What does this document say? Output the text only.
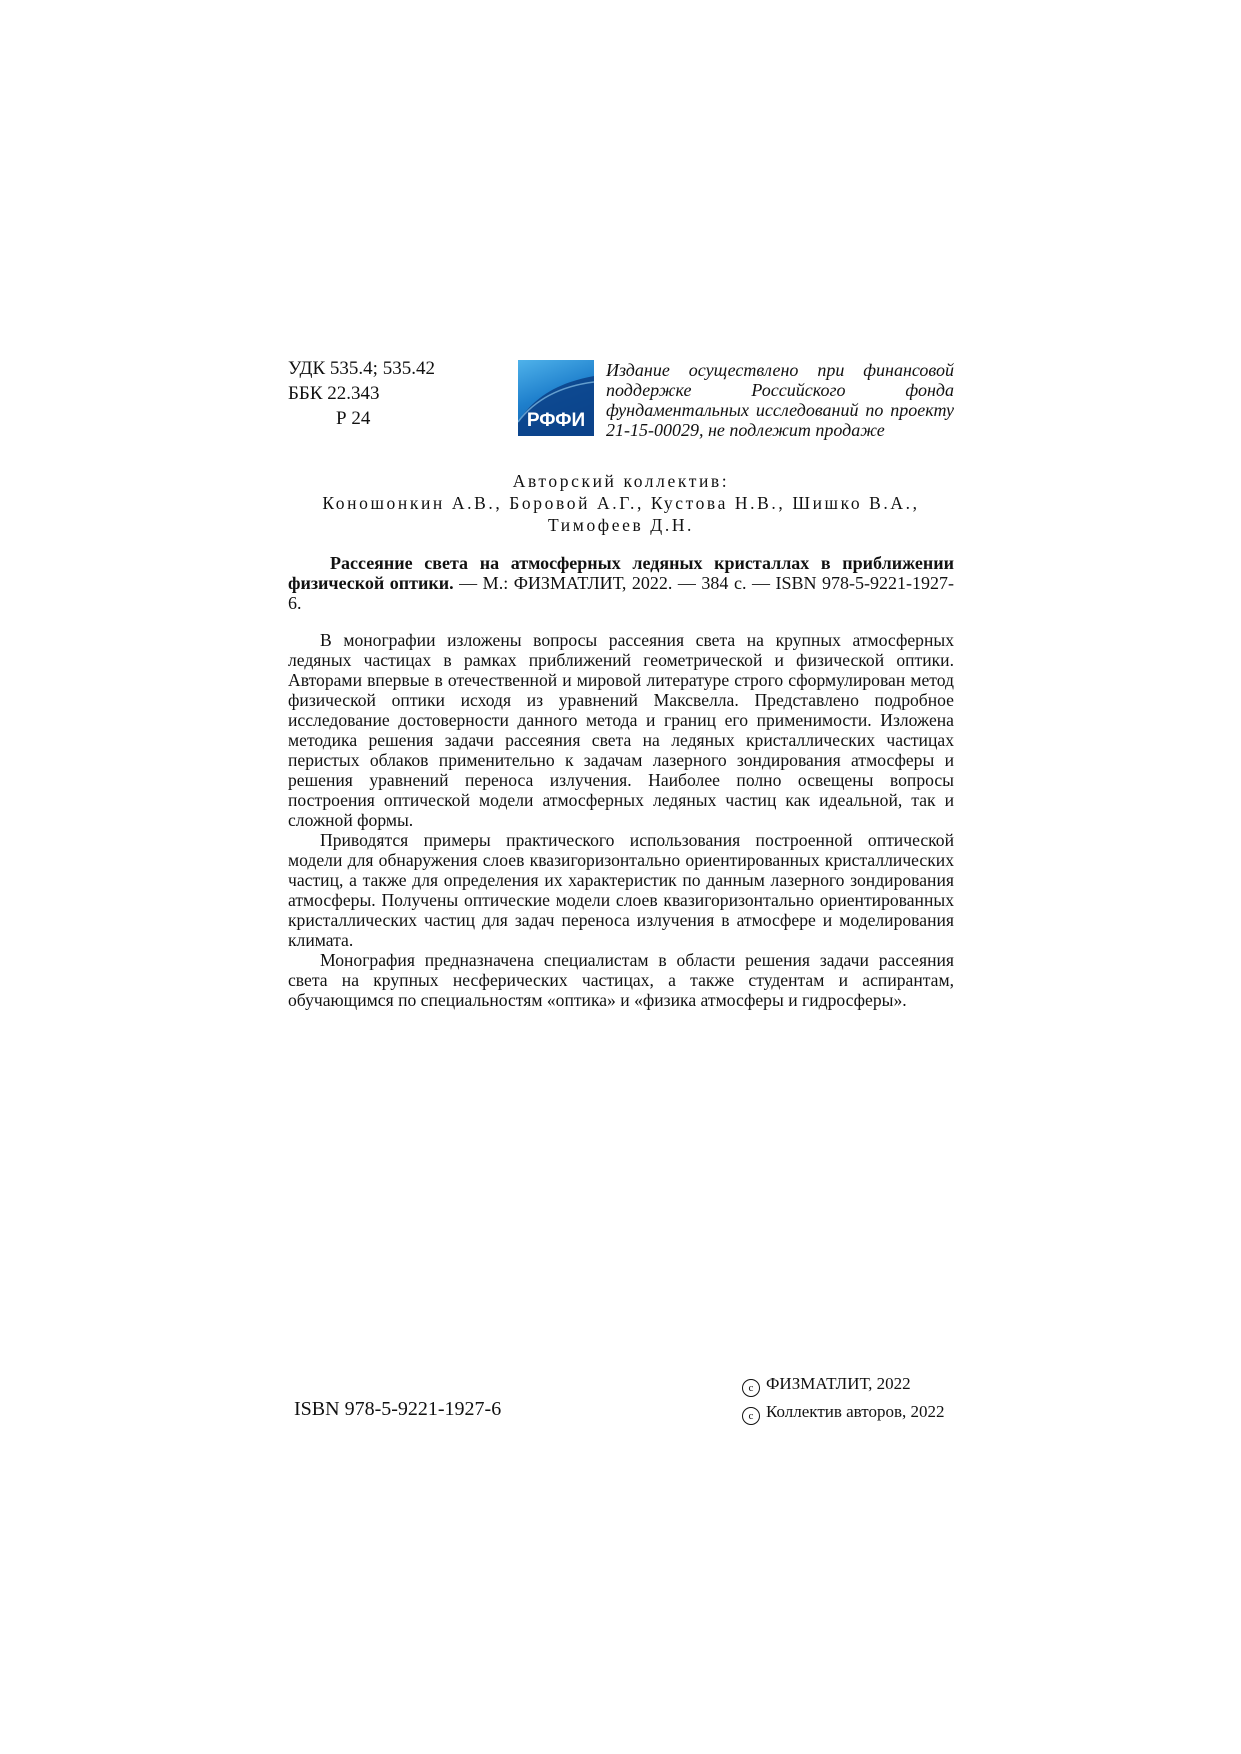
УДК 535.4; 535.42
ББК 22.343
Р 24	РФФИ
Издание осуществлено при финансовой поддержке Российского фонда фундаментальных исследований по проекту 21-15-00029, не подлежит продаже
Авторский коллектив:
Коношонкин А.В., Боровой А.Г., Кустова Н.В., Шишко В.А.,
Тимофеев Д.Н.
Рассеяние света на атмосферных ледяных кристаллах в приближении физической оптики. — М.: ФИЗМАТЛИТ, 2022. — 384 с. — ISBN 978-5-9221-1927-6.

В монографии изложены вопросы рассеяния света на крупных атмосферных ледяных частицах в рамках приближений геометрической и физической оптики. Авторами впервые в отечественной и мировой литературе строго сформулирован метод физической оптики исходя из уравнений Максвелла. Представлено подробное исследование достоверности данного метода и границ его применимости. Изложена методика решения задачи рассеяния света на ледяных кристаллических частицах перистых облаков применительно к задачам лазерного зондирования атмосферы и решения уравнений переноса излучения. Наиболее полно освещены вопросы построения оптической модели атмосферных ледяных частиц как идеальной, так и сложной формы.

Приводятся примеры практического использования построенной оптической модели для обнаружения слоев квазигоризонтально ориентированных кристаллических частиц, а также для определения их характеристик по данным лазерного зондирования атмосферы. Получены оптические модели слоев квазигоризонтально ориентированных кристаллических частиц для задач переноса излучения в атмосфере и моделирования климата.

Монография предназначена специалистам в области решения задачи рассеяния света на крупных несферических частицах, а также студентам и аспирантам, обучающимся по специальностям «оптика» и «физика атмосферы и гидросферы».

ISBN 978-5-9221-1927-6
c ФИЗМАТЛИТ, 2022
c Коллектив авторов, 2022
